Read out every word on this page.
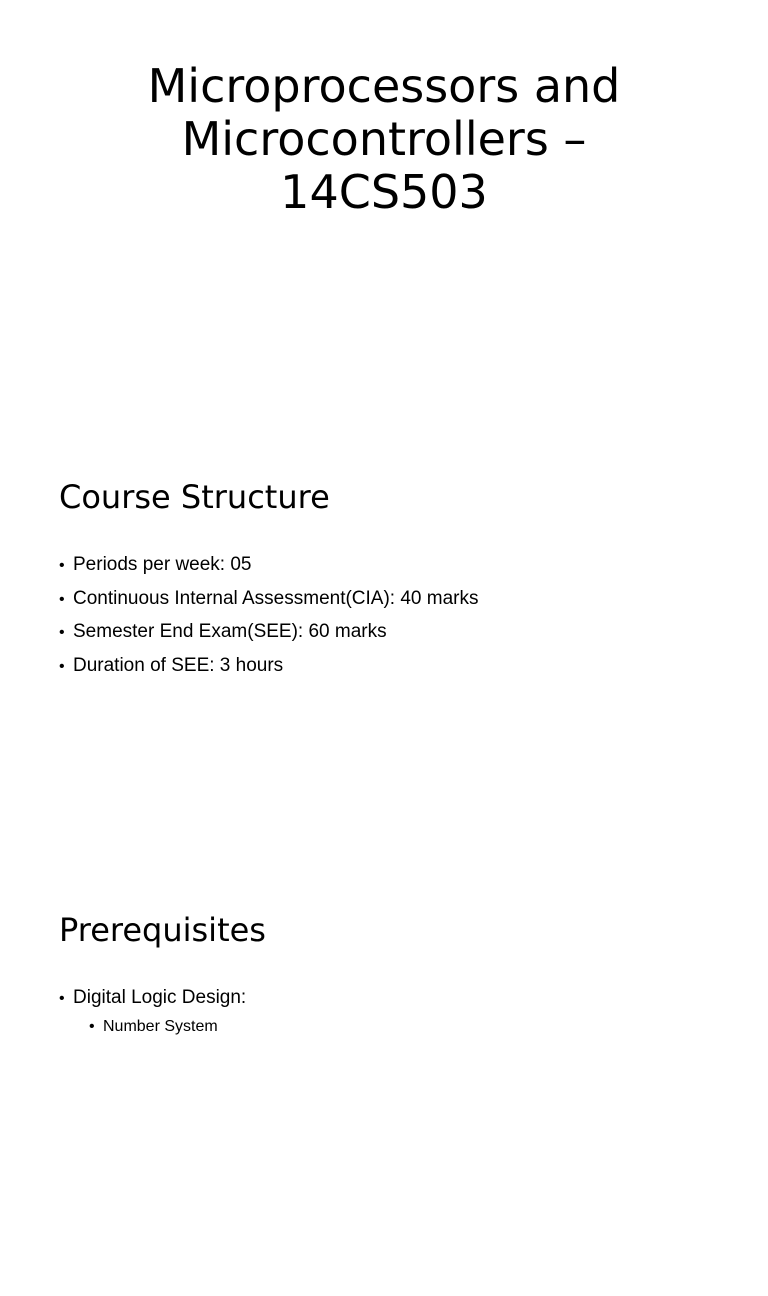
Microprocessors and
Microcontrollers –
14CS503
Course Structure
• Periods per week: 05
• Continuous Internal Assessment(CIA): 40 marks
• Semester End Exam(SEE): 60 marks
• Duration of SEE: 3 hours
Prerequisites
• Digital Logic Design:
• Number System
